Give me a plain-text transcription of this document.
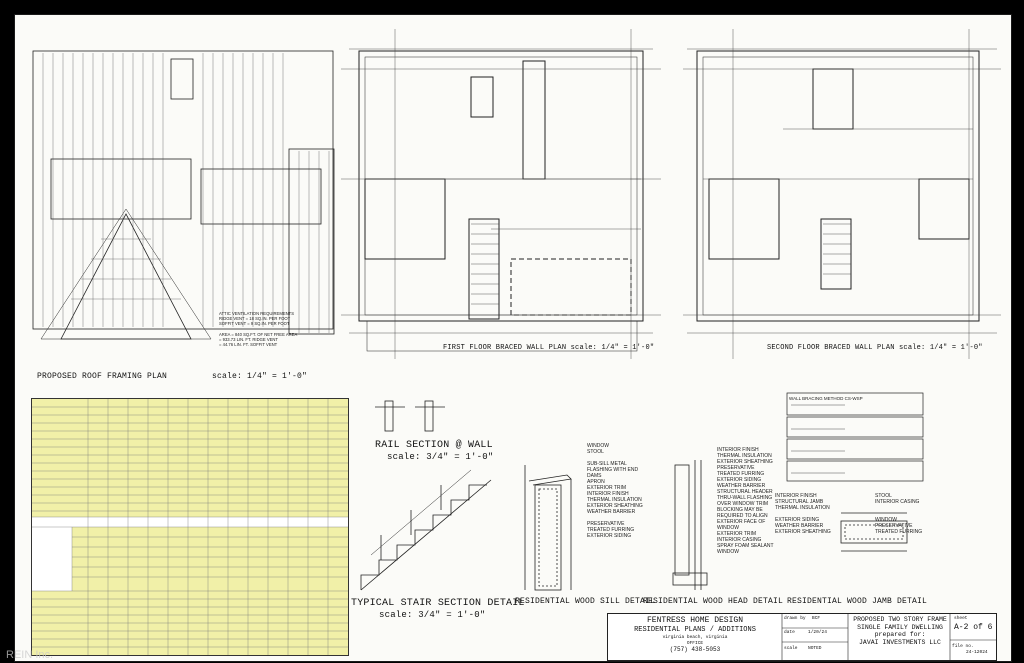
ATTIC VENTILATION REQUIREMENTS
RIDGE VENT = 18 SQ.IN. PER FOOT
SOFFIT VENT = 9 SQ.IN. PER FOOT

AREA = 840 SQ.FT. OF NET FREE AREA
= 933.73 LIN. FT. RIDGE VENT
= 44.76 LIN. FT. SOFFIT VENT
PROPOSED ROOF FRAMING PLAN	scale: 1/4" = 1'-0"
FIRST FLOOR BRACED WALL PLAN scale: 1/4" = 1'-0"	SECOND FLOOR BRACED WALL PLAN scale: 1/4" = 1'-0"
RAIL SECTION @ WALL
scale: 3/4" = 1'-0"
TYPICAL STAIR SECTION DETAIL
scale: 3/4" = 1'-0"
WINDOW
STOOL

SUB-SILL METAL
FLASHING WITH END
DAMS
APRON
EXTERIOR TRIM
INTERIOR FINISH
THERMAL INSULATION
EXTERIOR SHEATHING
WEATHER BARRIER

PRESERVATIVE
TREATED FURRING
EXTERIOR SIDING
RESIDENTIAL WOOD SILL DETAIL
INTERIOR FINISH
THERMAL INSULATION
EXTERIOR SHEATHING
PRESERVATIVE
TREATED FURRING
EXTERIOR SIDING
WEATHER BARRIER
STRUCTURAL HEADER
THRU-WALL FLASHING
OVER WINDOW TRIM
BLOCKING MAY BE
REQUIRED TO ALIGN
EXTERIOR FACE OF
WINDOW
EXTERIOR TRIM
INTERIOR CASING
SPRAY FOAM SEALANT
WINDOW
RESIDENTIAL WOOD HEAD DETAIL
WALL BRACING METHOD CS-WSP
INTERIOR FINISH
STRUCTURAL JAMB
THERMAL INSULATION

EXTERIOR SIDING
WEATHER BARRIER
EXTERIOR SHEATHING
STOOL
INTERIOR CASING

WINDOW
PRESERVATIVE
TREATED FURRING
RESIDENTIAL WOOD JAMB DETAIL
FENTRESS HOME DESIGN
RESIDENTIAL PLANS / ADDITIONS
virginia beach, virginia
OFFICE
(757) 438-5053
drawn by BCF
date	1/20/24
scale NOTED
PROPOSED TWO STORY FRAME
SINGLE FAMILY DWELLING
prepared for:
JAVAI INVESTMENTS LLC
sheet
A-2 of 6
file no.
24-12024
REIN Inc.
